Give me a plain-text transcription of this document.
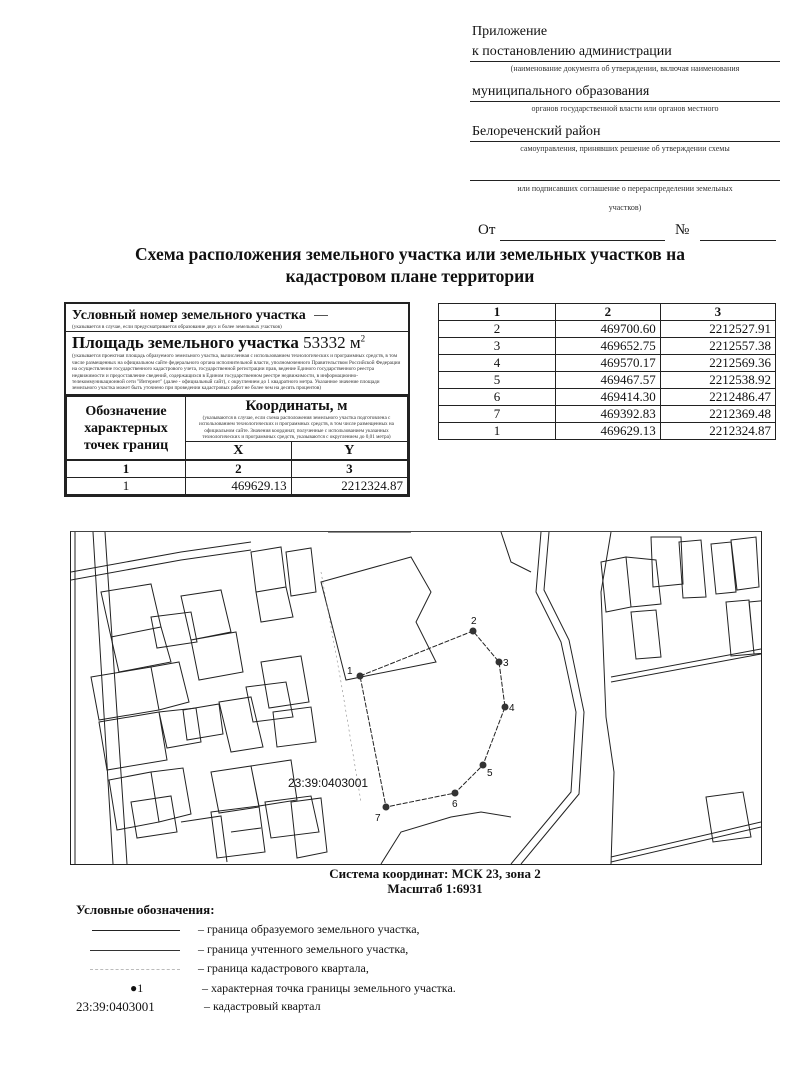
Приложение
к постановлению администрации
(наименование документа об утверждении, включая наименования
муниципального образования
органов государственной власти или органов местного
Белореченский район
самоуправления, принявших решение об утверждении схемы
или подписавших соглашение о перераспределении земельных
участков)
От	№
Схема расположения земельного участка или земельных участков на
кадастровом плане территории
Условный номер земельного участка
(указывается в случае, если предусматривается образование двух и более земельных участков)
Площадь земельного участка 53332 $м^2$
(указывается проектная площадь образуемого земельного участка, вычисленная с использованием технологических и программных средств, в том числе размещенных на официальном сайте федерального органа исполнительной власти, уполномоченного Правительством Российской Федерации на осуществление государственного кадастрового учета, государственной регистрации прав, ведение Единого государственного реестра недвижимости и предоставление сведений, содержащихся в Едином государственном реестре недвижимости, в информационно-телекоммуникационной сети "Интернет" (далее - официальный сайт), с округлением до 1 квадратного метра. Указанное значение площади земельного участка может быть уточнено при проведении кадастровых работ не более чем на десять процентов)
Обозначение характерных точек границ	Координаты, м
(указываются в случае, если схема расположения земельного участка подготовлена с использованием технологических и программных средств, в том числе размещенных на официальном сайте. Значения координат, полученные с использованием указанных технологических и программных средств, указываются с округлением до 0,01 метра)	

	X	Y
1	2	3
1	469629.13	2212324.87
1	2	3
2	469700.60	2212527.91
3	469652.75	2212557.38
4	469570.17	2212569.36
5	469467.57	2212538.92
6	469414.30	2212486.47
7	469392.83	2212369.48
1	469629.13	2212324.87
1
2
3
4
5
6
7
23:39:0403001
Система координат: МСК 23, зона 2
Масштаб 1:6931
Условные обозначения:
– граница образуемого земельного участка,
– граница учтенного земельного участка,
– граница кадастрового квартала,
●1	– характерная точка границы земельного участка.
23:39:0403001	– кадастровый квартал
